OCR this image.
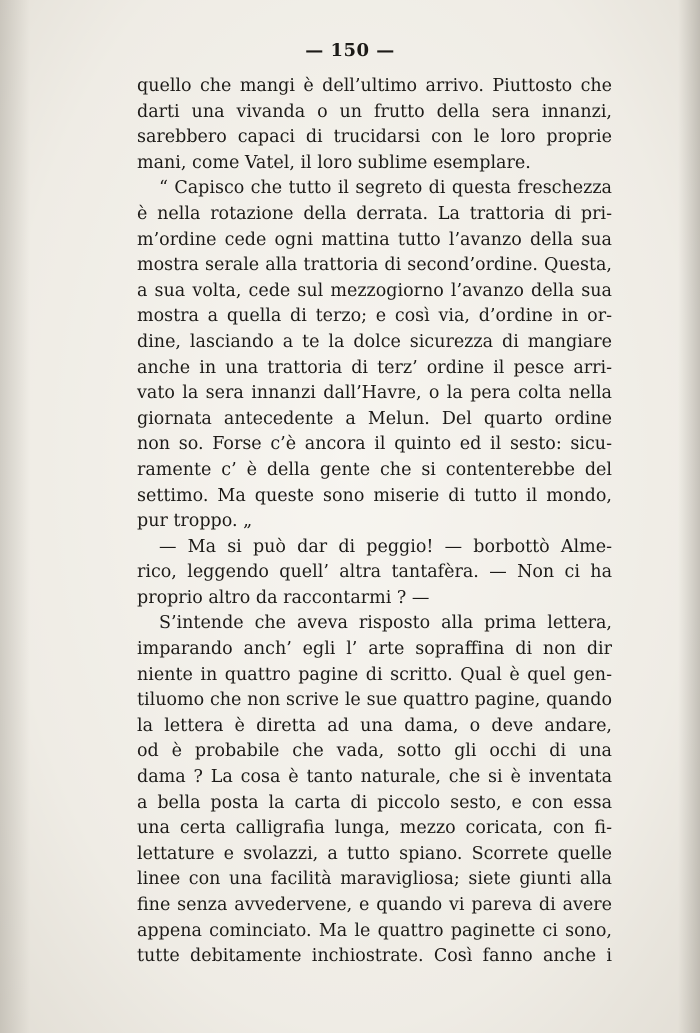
— 150 —
quello che mangi è dell’ultimo arrivo. Piuttosto che
darti una vivanda o un frutto della sera innanzi,
sarebbero capaci di trucidarsi con le loro proprie
mani, come Vatel, il loro sublime esemplare.
“ Capisco che tutto il segreto di questa freschezza
è nella rotazione della derrata. La trattoria di pri-
m’ordine cede ogni mattina tutto l’avanzo della sua
mostra serale alla trattoria di second’ordine. Questa,
a sua volta, cede sul mezzogiorno l’avanzo della sua
mostra a quella di terzo; e così via, d’ordine in or-
dine, lasciando a te la dolce sicurezza di mangiare
anche in una trattoria di terz’ ordine il pesce arri-
vato la sera innanzi dall’Havre, o la pera colta nella
giornata antecedente a Melun. Del quarto ordine
non so. Forse c’è ancora il quinto ed il sesto: sicu-
ramente c’ è della gente che si contenterebbe del
settimo. Ma queste sono miserie di tutto il mondo,
pur troppo. „
— Ma si può dar di peggio! — borbottò Alme-
rico, leggendo quell’ altra tantafèra. — Non ci ha
proprio altro da raccontarmi ? —
S’intende che aveva risposto alla prima lettera,
imparando anch’ egli l’ arte sopraffina di non dir
niente in quattro pagine di scritto. Qual è quel gen-
tiluomo che non scrive le sue quattro pagine, quando
la lettera è diretta ad una dama, o deve andare,
od è probabile che vada, sotto gli occhi di una
dama ? La cosa è tanto naturale, che si è inventata
a bella posta la carta di piccolo sesto, e con essa
una certa calligrafia lunga, mezzo coricata, con fi-
lettature e svolazzi, a tutto spiano. Scorrete quelle
linee con una facilità maravigliosa; siete giunti alla
fine senza avvedervene, e quando vi pareva di avere
appena cominciato. Ma le quattro paginette ci sono,
tutte debitamente inchiostrate. Così fanno anche i
